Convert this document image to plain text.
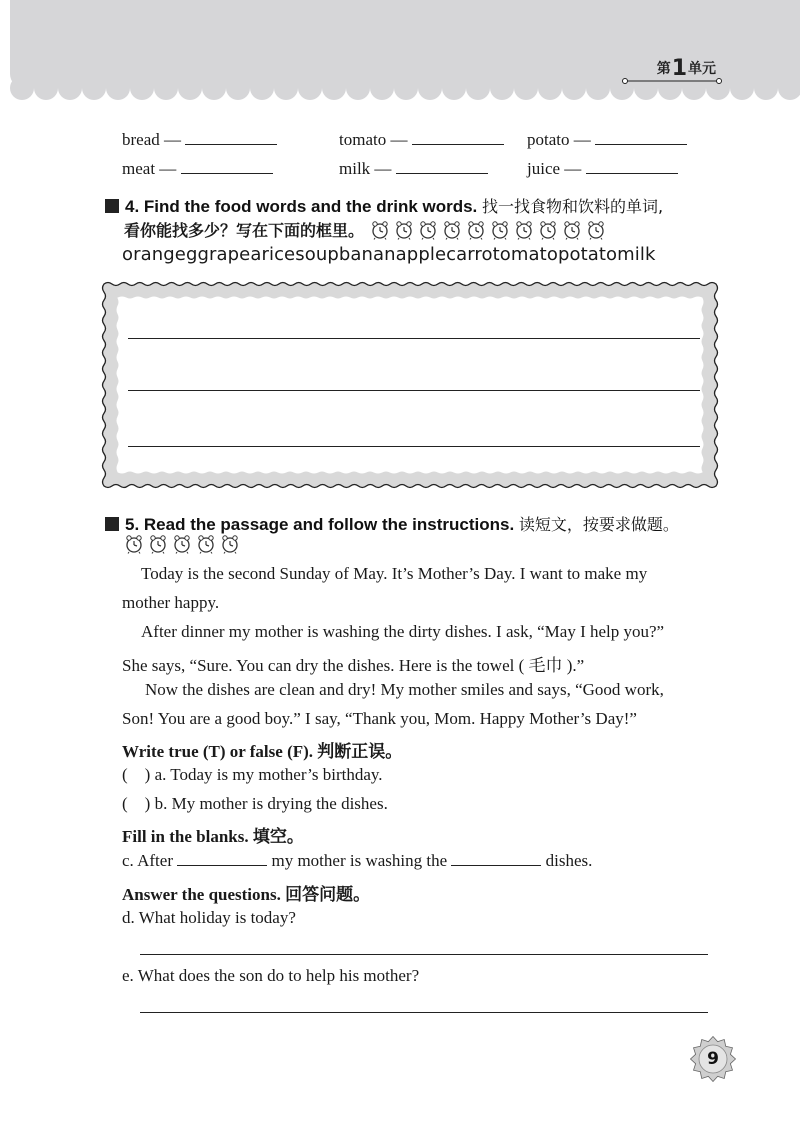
第1单元
bread —	tomato —	potato —
meat —	milk —	juice —
4. Find the food words and the drink words. 找一找食物和饮料的单词,
看你能找多少？写在下面的框里。
orangeggrapearicesoupbananapplecarrotomatopotatomilk
5. Read the passage and follow the instructions. 读短文，按要求做题。
Today is the second Sunday of May. It’s Mother’s Day. I want to make my
mother happy.
After dinner my mother is washing the dirty dishes. I ask, “May I help you?”
She says, “Sure. You can dry the dishes. Here is the towel ( 毛巾 ).”
Now the dishes are clean and dry! My mother smiles and says, “Good work,
Son! You are a good boy.” I say, “Thank you, Mom. Happy Mother’s Day!”
Write true (T) or false (F). 判断正误。
(    ) a. Today is my mother’s birthday.
(    ) b. My mother is drying the dishes.
Fill in the blanks. 填空。
c. After	my mother is washing the	dishes.
Answer the questions. 回答问题。
d. What holiday is today?
e. What does the son do to help his mother?
9
